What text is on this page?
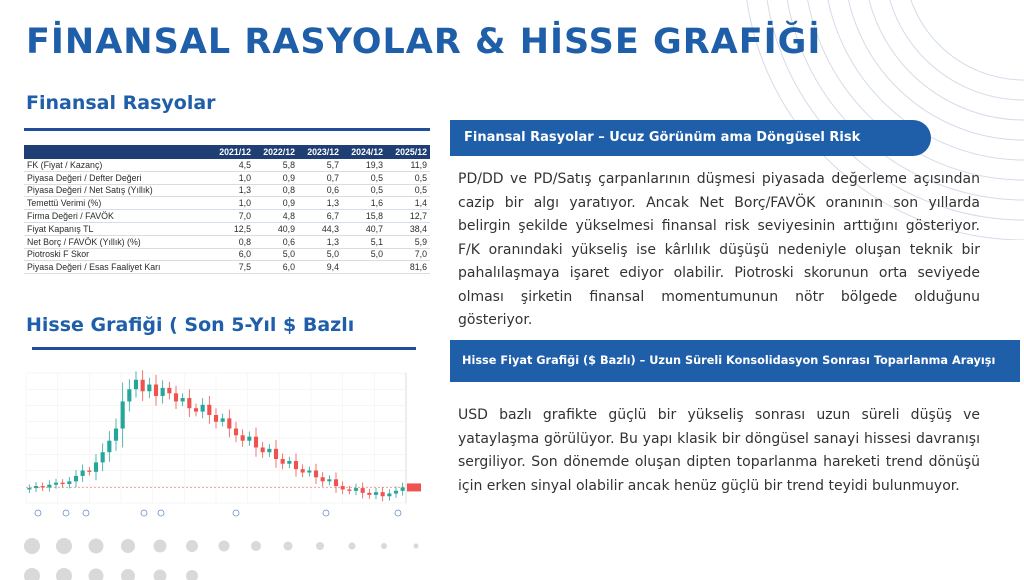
FİNANSAL RASYOLAR & HİSSE GRAFİĞİ
Finansal Rasyolar
	2021/12	2022/12	2023/12	2024/12	2025/12
FK (Fiyat / Kazanç)	4,5	5,8	5,7	19,3	11,9
Piyasa Değeri / Defter Değeri	1,0	0,9	0,7	0,5	0,5
Piyasa Değeri / Net Satış (Yıllık)	1,3	0,8	0,6	0,5	0,5
Temettü Verimi (%)	1,0	0,9	1,3	1,6	1,4
Firma Değeri / FAVÖK	7,0	4,8	6,7	15,8	12,7
Fiyat Kapanış TL	12,5	40,9	44,3	40,7	38,4
Net Borç / FAVÖK (Yıllık) (%)	0,8	0,6	1,3	5,1	5,9
Piotroski F Skor	6,0	5,0	5,0	5,0	7,0
Piyasa Değeri / Esas Faaliyet Karı	7,5	6,0	9,4		81,6
Hisse Grafiği ( Son 5-Yıl $ Bazlı
Finansal Rasyolar – Ucuz Görünüm ama Döngüsel Risk
PD/DD ve PD/Satış çarpanlarının düşmesi piyasada değerleme açısından cazip bir algı yaratıyor. Ancak Net Borç/FAVÖK oranının son yıllarda belirgin şekilde yükselmesi finansal risk seviyesinin arttığını gösteriyor. F/K oranındaki yükseliş ise kârlılık düşüşü nedeniyle oluşan teknik bir pahalılaşmaya işaret ediyor olabilir. Piotroski skorunun orta seviyede olması şirketin finansal momentumunun nötr bölgede olduğunu gösteriyor.
Hisse Fiyat Grafiği ($ Bazlı) – Uzun Süreli Konsolidasyon Sonrası Toparlanma Arayışı
USD bazlı grafikte güçlü bir yükseliş sonrası uzun süreli düşüş ve yataylaşma görülüyor. Bu yapı klasik bir döngüsel sanayi hissesi davranışı sergiliyor. Son dönemde oluşan dipten toparlanma hareketi trend dönüşü için erken sinyal olabilir ancak henüz güçlü bir trend teyidi bulunmuyor.
